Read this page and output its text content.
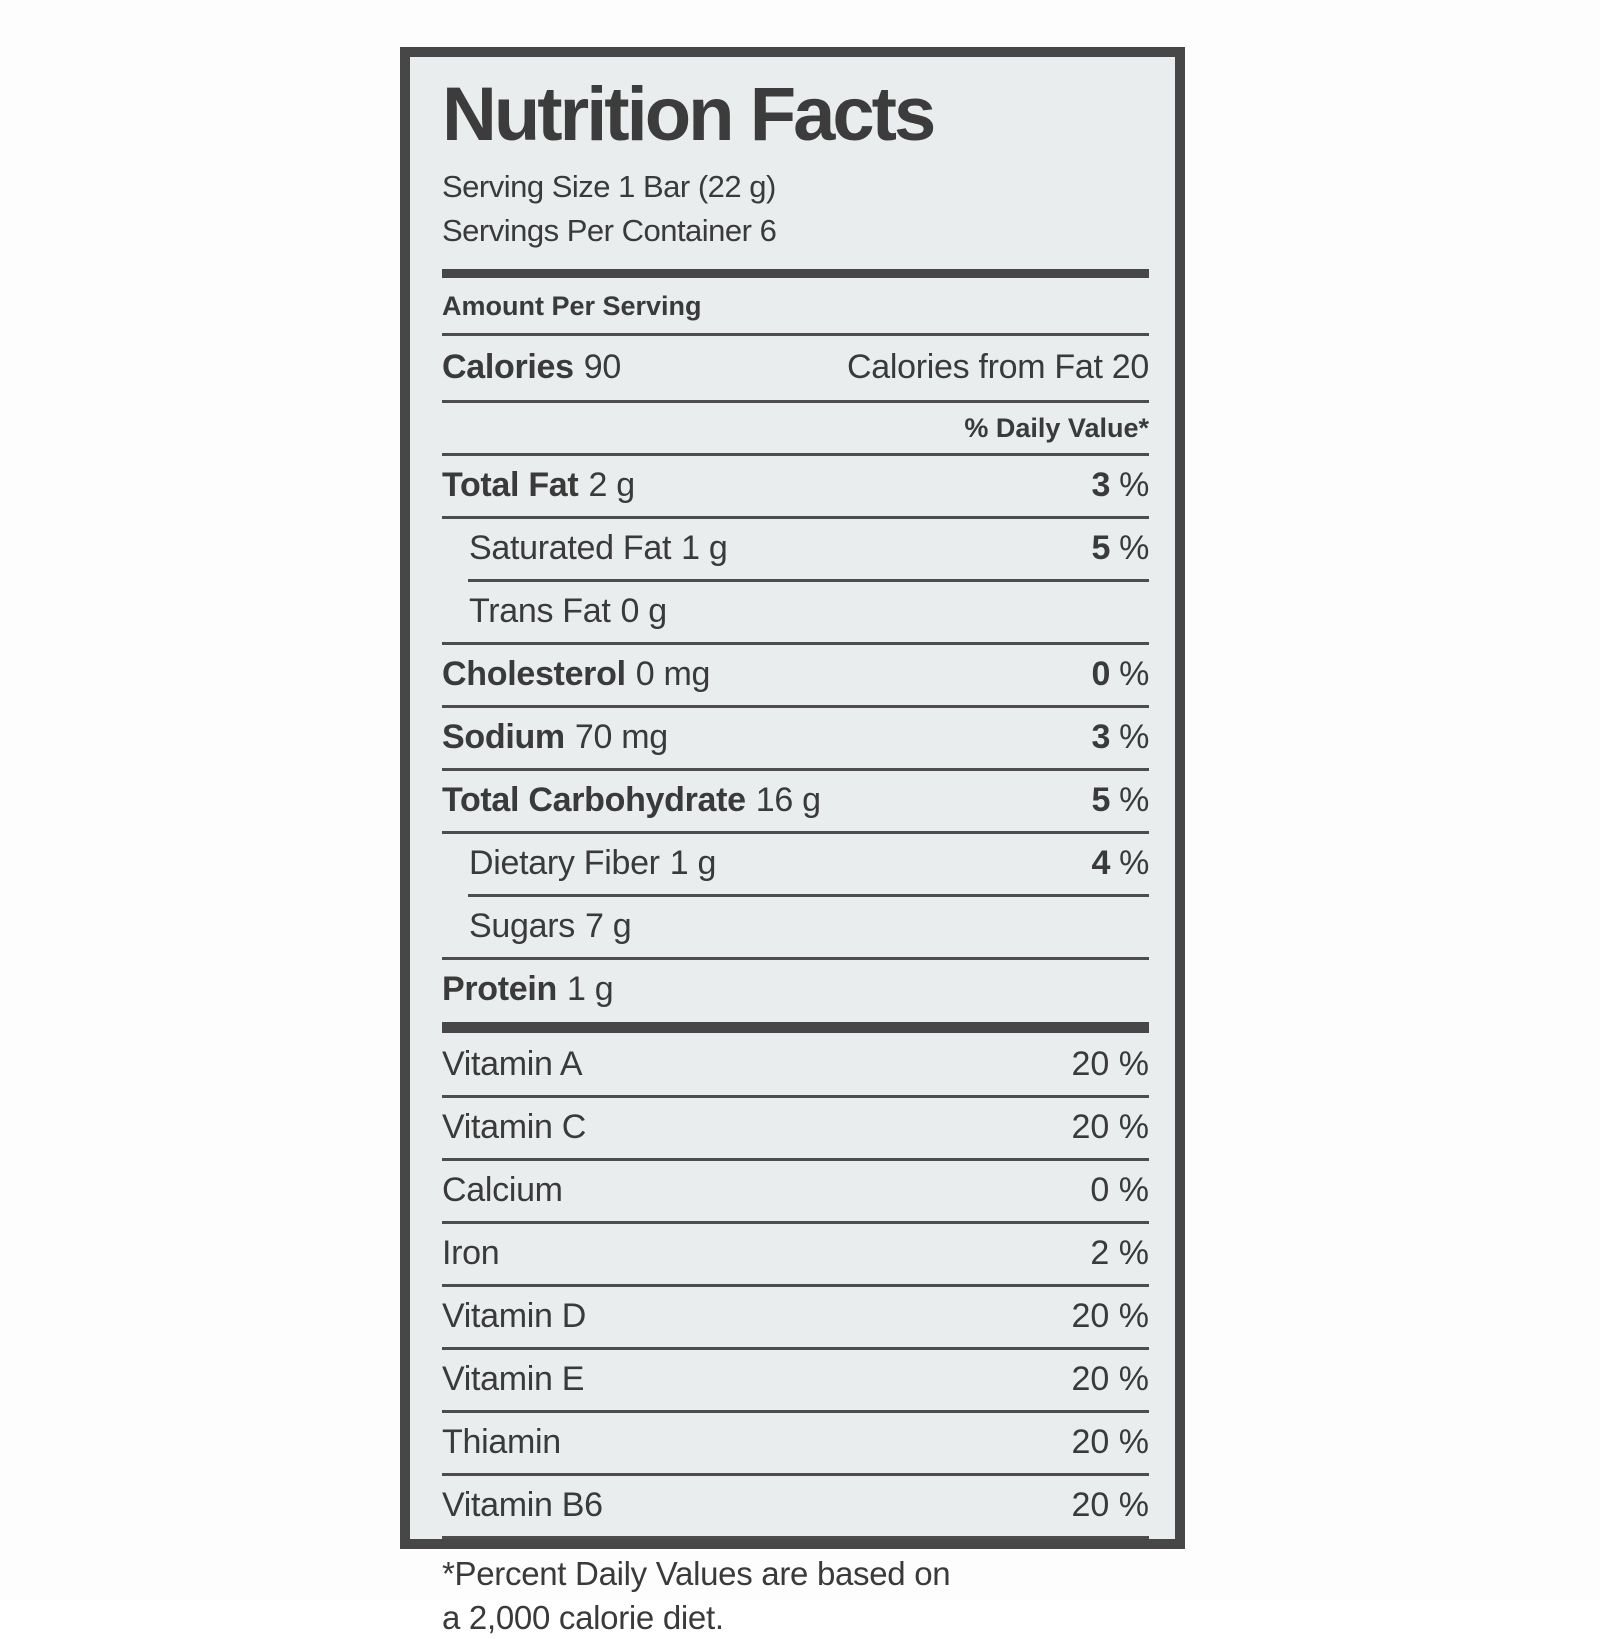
Nutrition Facts
Serving Size 1 Bar (22 g)
Servings Per Container 6
Amount Per Serving
Calories 90	Calories from Fat 20
% Daily Value*
Total Fat 2 g	3 %
Saturated Fat 1 g	5 %
Trans Fat 0 g
Cholesterol 0 mg	0 %
Sodium 70 mg	3 %
Total Carbohydrate 16 g	5 %
Dietary Fiber 1 g	4 %
Sugars 7 g
Protein 1 g
Vitamin A	20 %
Vitamin C	20 %
Calcium	0 %
Iron	2 %
Vitamin D	20 %
Vitamin E	20 %
Thiamin	20 %
Vitamin B6	20 %
*Percent Daily Values are based on
a 2,000 calorie diet.
